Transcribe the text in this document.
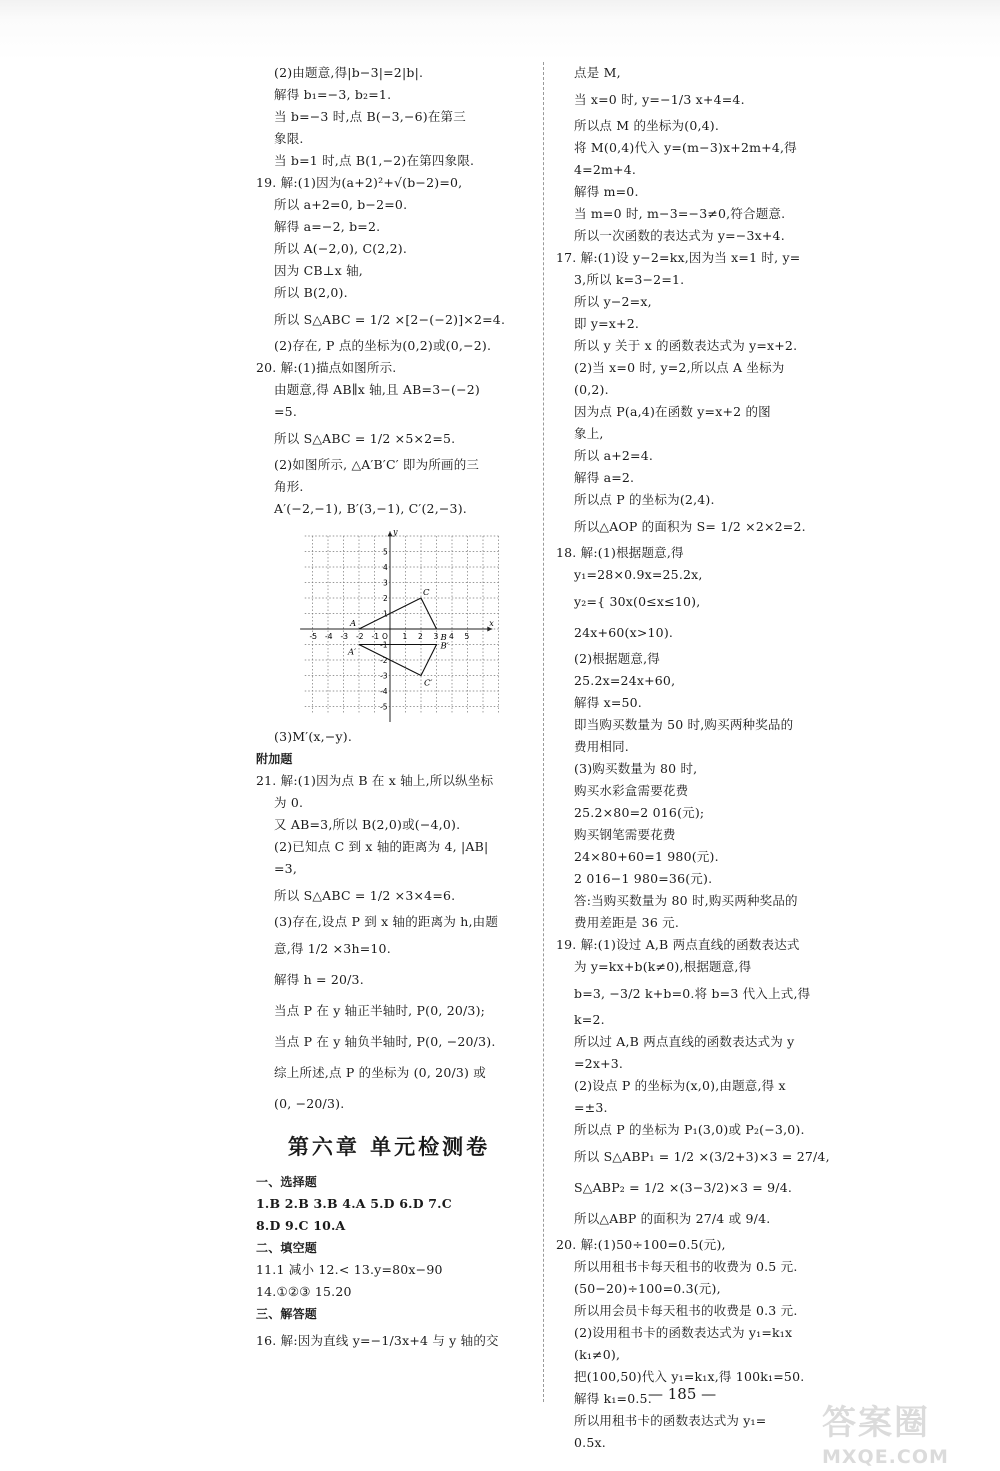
(2)由题意,得|b−3|=2|b|.
解得 b₁=−3, b₂=1.
当 b=−3 时,点 B(−3,−6)在第三
象限.
当 b=1 时,点 B(1,−2)在第四象限.
19. 解:(1)因为(a+2)²+√(b−2)=0,
所以 a+2=0, b−2=0.
解得 a=−2, b=2.
所以 A(−2,0), C(2,2).
因为 CB⊥x 轴,
所以 B(2,0).
所以 S△ABC = 1/2 ×[2−(−2)]×2=4.
(2)存在, P 点的坐标为(0,2)或(0,−2).
20. 解:(1)描点如图所示.
由题意,得 AB∥x 轴,且 AB=3−(−2)
=5.
所以 S△ABC = 1/2 ×5×2=5.
(2)如图所示, △A′B′C′ 即为所画的三
角形.
A′(−2,−1), B′(3,−1), C′(2,−3).
x
y
-5 -4 -3 -2 -1 O 1 2 3 4 5
5
4
3
2
1
-1
-2
-3
-4
-5
A
B
C
A′
B′
C′
(3)M′(x,−y).
附加题
21. 解:(1)因为点 B 在 x 轴上,所以纵坐标
为 0.
又 AB=3,所以 B(2,0)或(−4,0).
(2)已知点 C 到 x 轴的距离为 4, |AB|
=3,
所以 S△ABC = 1/2 ×3×4=6.
(3)存在,设点 P 到 x 轴的距离为 h,由题
意,得 1/2 ×3h=10.
解得 h = 20/3.
当点 P 在 y 轴正半轴时, P(0, 20/3);
当点 P 在 y 轴负半轴时, P(0, −20/3).
综上所述,点 P 的坐标为 (0, 20/3) 或
(0, −20/3).
第六章 单元检测卷
一、选择题
1.B 2.B 3.B 4.A 5.D 6.D 7.C
8.D 9.C 10.A
二、填空题
11.1 减小 12.< 13.y=80x−90
14.①②③ 15.20
三、解答题
16. 解:因为直线 y=−1/3x+4 与 y 轴的交
点是 M,
当 x=0 时, y=−1/3 x+4=4.
所以点 M 的坐标为(0,4).
将 M(0,4)代入 y=(m−3)x+2m+4,得
4=2m+4.
解得 m=0.
当 m=0 时, m−3=−3≠0,符合题意.
所以一次函数的表达式为 y=−3x+4.
17. 解:(1)设 y−2=kx,因为当 x=1 时, y=
3,所以 k=3−2=1.
所以 y−2=x,
即 y=x+2.
所以 y 关于 x 的函数表达式为 y=x+2.
(2)当 x=0 时, y=2,所以点 A 坐标为
(0,2).
因为点 P(a,4)在函数 y=x+2 的图
象上,
所以 a+2=4.
解得 a=2.
所以点 P 的坐标为(2,4).
所以△AOP 的面积为 S= 1/2 ×2×2=2.
18. 解:(1)根据题意,得
y₁=28×0.9x=25.2x,
y₂={ 30x(0≤x≤10),
24x+60(x>10).
(2)根据题意,得
25.2x=24x+60,
解得 x=50.
即当购买数量为 50 时,购买两种奖品的
费用相同.
(3)购买数量为 80 时,
购买水彩盒需要花费
25.2×80=2 016(元);
购买钢笔需要花费
24×80+60=1 980(元).
2 016−1 980=36(元).
答:当购买数量为 80 时,购买两种奖品的
费用差距是 36 元.
19. 解:(1)设过 A,B 两点直线的函数表达式
为 y=kx+b(k≠0),根据题意,得
b=3, −3/2 k+b=0.将 b=3 代入上式,得
k=2.
所以过 A,B 两点直线的函数表达式为 y
=2x+3.
(2)设点 P 的坐标为(x,0),由题意,得 x
=±3.
所以点 P 的坐标为 P₁(3,0)或 P₂(−3,0).
所以 S△ABP₁ = 1/2 ×(3/2+3)×3 = 27/4,
S△ABP₂ = 1/2 ×(3−3/2)×3 = 9/4.
所以△ABP 的面积为 27/4 或 9/4.
20. 解:(1)50÷100=0.5(元),
所以用租书卡每天租书的收费为 0.5 元.
(50−20)÷100=0.3(元),
所以用会员卡每天租书的收费是 0.3 元.
(2)设用租书卡的函数表达式为 y₁=k₁x
(k₁≠0),
把(100,50)代入 y₁=k₁x,得 100k₁=50.
解得 k₁=0.5.
所以用租书卡的函数表达式为 y₁=
0.5x.
— 185 —
答案圈
MXQE.COM
